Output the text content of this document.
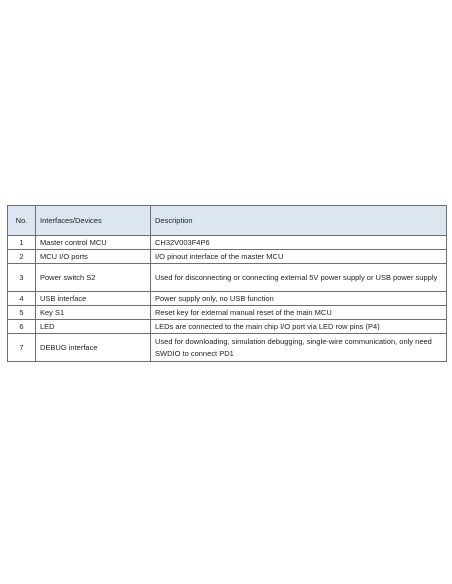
No.	Interfaces/Devices	Description
1	Master control MCU	CH32V003F4P6
2	MCU I/O ports	I/O pinout interface of the master MCU
3	Power switch S2	Used for disconnecting or connecting external 5V power supply or USB power supply
4	USB interface	Power supply only, no USB function
5	Key S1	Reset key for external manual reset of the main MCU
6	LED	LEDs are connected to the main chip I/O port via LED row pins (P4)
7	DEBUG interface	Used for downloading, simulation debugging, single-wire communication, only need SWDIO to connect PD1
